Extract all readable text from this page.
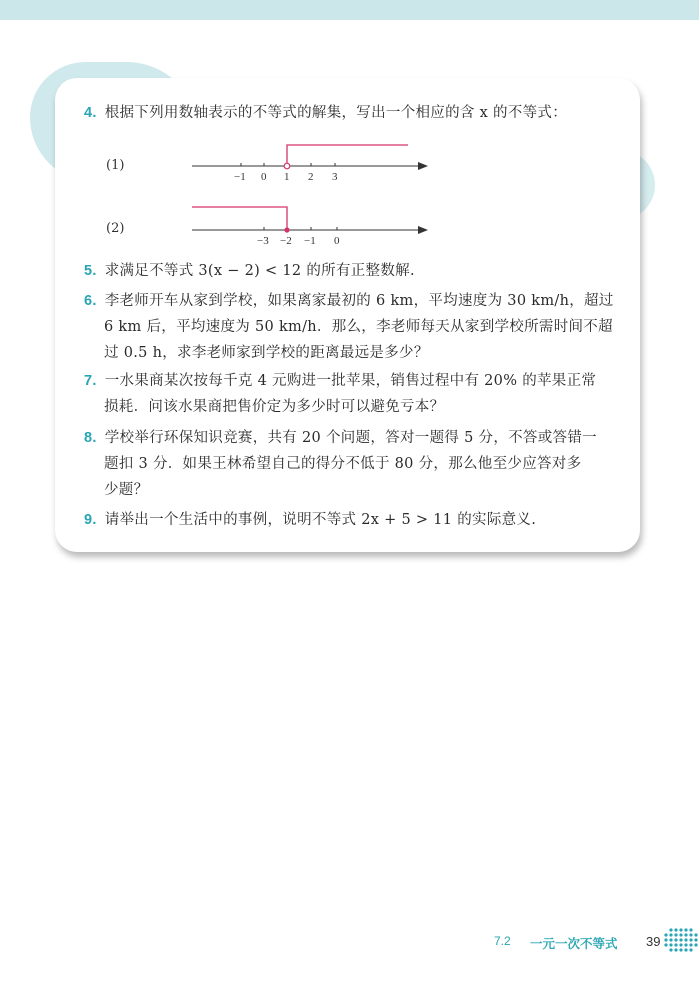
4. 根据下列用数轴表示的不等式的解集，写出一个相应的含 x 的不等式：
(1)
−1 0 1 2 3
(2)
−3 −2 −1 0
5. 求满足不等式 3(x − 2) < 12 的所有正整数解.
6. 李老师开车从家到学校，如果离家最初的 6 km，平均速度为 30 km/h，超过
6 km 后，平均速度为 50 km/h．那么，李老师每天从家到学校所需时间不超
过 0.5 h，求李老师家到学校的距离最远是多少？
7. 一水果商某次按每千克 4 元购进一批苹果，销售过程中有 20% 的苹果正常
损耗．问该水果商把售价定为多少时可以避免亏本？
8. 学校举行环保知识竞赛，共有 20 个问题，答对一题得 5 分，不答或答错一
题扣 3 分．如果王林希望自己的得分不低于 80 分，那么他至少应答对多
少题？
9. 请举出一个生活中的事例，说明不等式 2x + 5 > 11 的实际意义.
7.2 一元一次不等式 39
